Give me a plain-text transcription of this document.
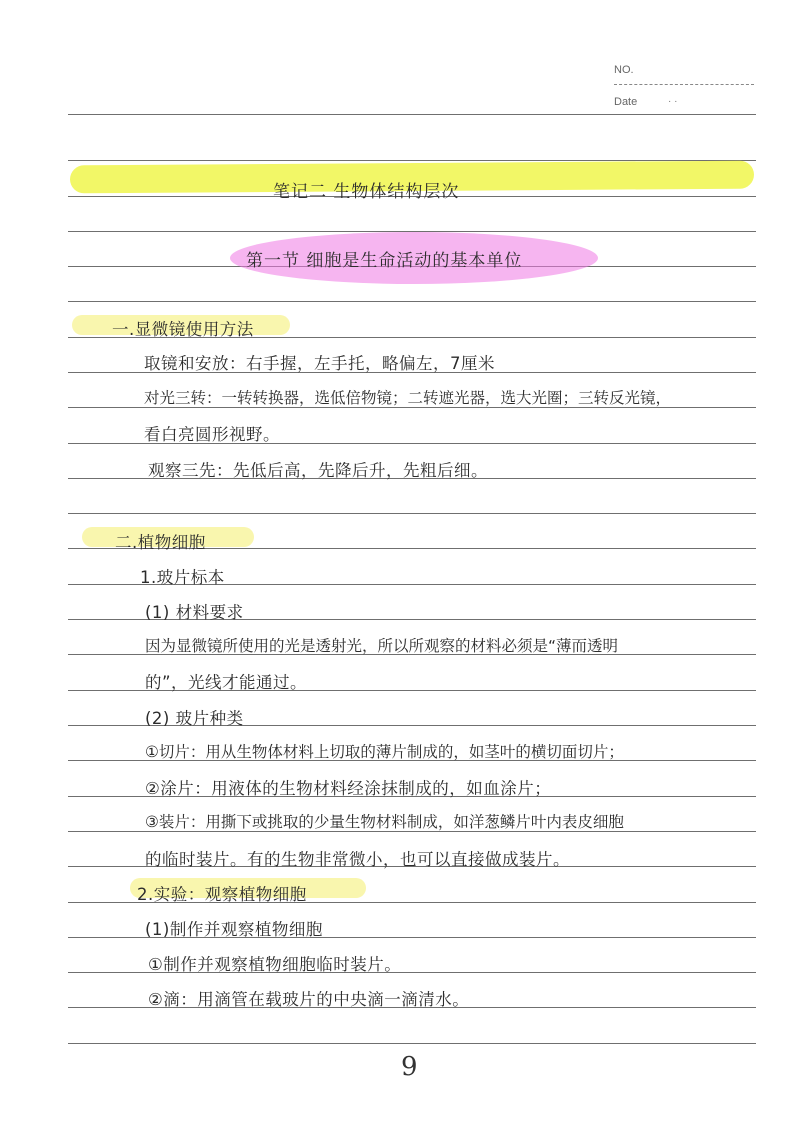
NO.
Date	· ·
笔记二 生物体结构层次
第一节 细胞是生命活动的基本单位
一.显微镜使用方法
取镜和安放：右手握，左手托，略偏左，7厘米
对光三转：一转转换器，选低倍物镜；二转遮光器，选大光圈；三转反光镜，
看白亮圆形视野。
观察三先：先低后高，先降后升，先粗后细。
二.植物细胞
1.玻片标本
(1) 材料要求
因为显微镜所使用的光是透射光，所以所观察的材料必须是“薄而透明
的”，光线才能通过。
(2) 玻片种类
①切片：用从生物体材料上切取的薄片制成的，如茎叶的横切面切片；
②涂片：用液体的生物材料经涂抹制成的，如血涂片；
③装片：用撕下或挑取的少量生物材料制成，如洋葱鳞片叶内表皮细胞
的临时装片。有的生物非常微小，也可以直接做成装片。
2.实验：观察植物细胞
(1)制作并观察植物细胞
①制作并观察植物细胞临时装片。
②滴：用滴管在载玻片的中央滴一滴清水。
9
